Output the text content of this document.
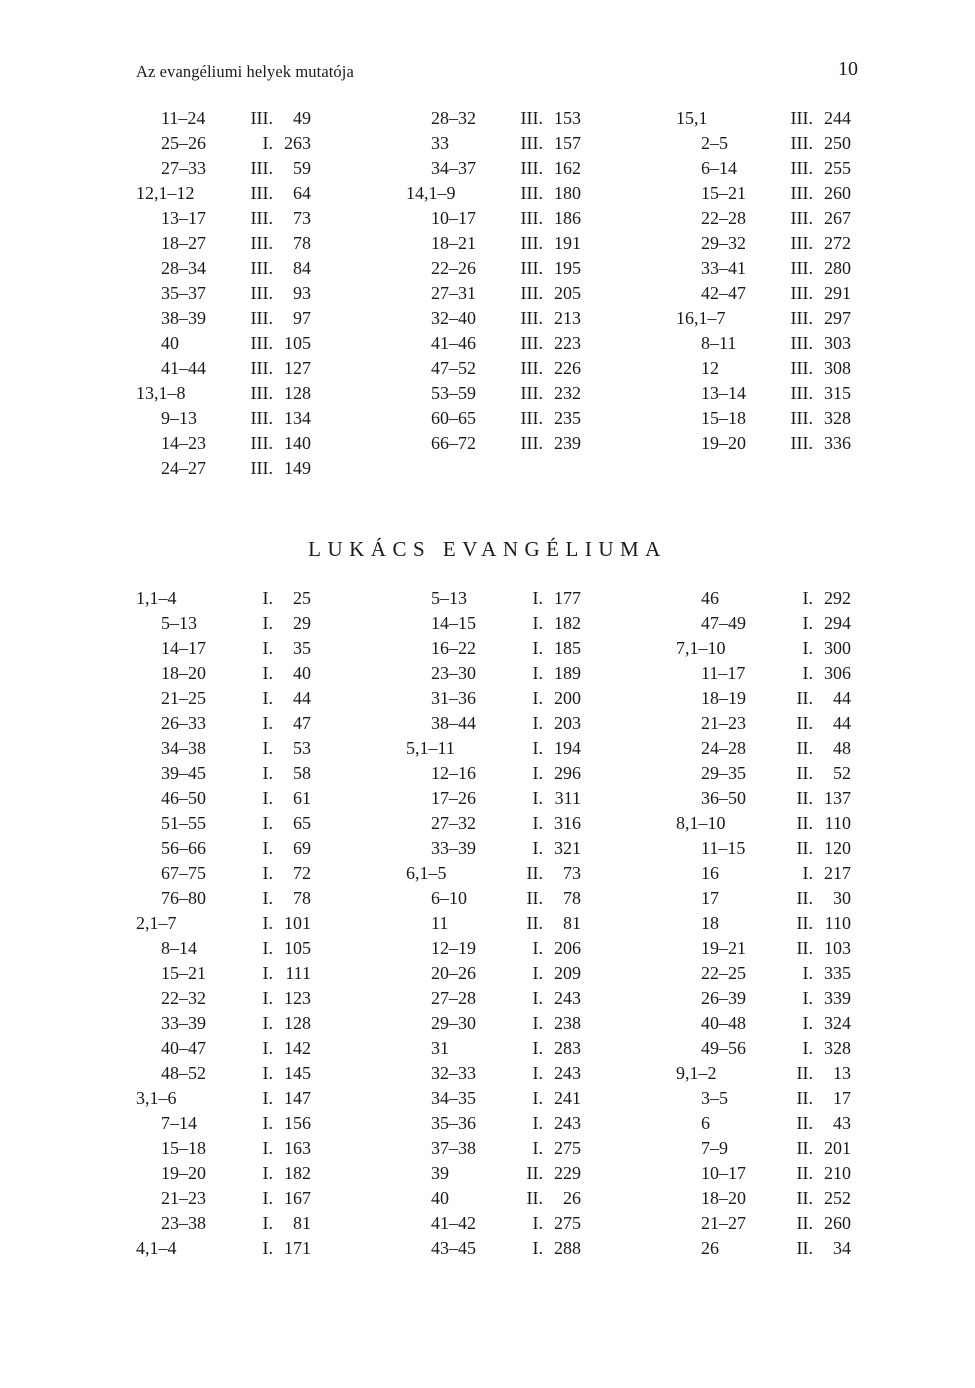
Az evangéliumi helyek mutatója	10
11–24	III. 49
25–26	I. 263
27–33 III. 59
12,1–12	III. 64
13–17 III. 73
18–27 III. 78
28–34 III. 84
35–37 III. 93
38–39 III. 97
40	III. 105
41–44 III. 127
13,1–8	III. 128
9–13	III. 134
14–23 III. 140
24–27 III. 149
28–32 III. 153
33	III. 157
34–37 III. 162
14,1–9	III. 180
10–17 III. 186
18–21 III. 191
22–26 III. 195
27–31 III. 205
32–40 III. 213
41–46 III. 223
47–52 III. 226
53–59 III. 232
60–65 III. 235
66–72 III. 239
15,1	III. 244
2–5	III. 250
6–14	III. 255
15–21 III. 260
22–28 III. 267
29–32 III. 272
33–41 III. 280
42–47 III. 291
16,1–7	III. 297
8–11	III. 303
12	III. 308
13–14 III. 315
15–18 III. 328
19–20 III. 336
LUKÁCS EVANGÉLIUMA
1,1–4	I. 25
5–13	I. 29
14–17	I. 35
18–20	I. 40
21–25	I. 44
26–33	I. 47
34–38	I. 53
39–45	I. 58
46–50	I. 61
51–55	I. 65
56–66	I. 69
67–75	I. 72
76–80	I. 78
2,1–7	I. 101
8–14	I. 105
15–21	I. 111
22–32	I. 123
33–39	I. 128
40–47	I. 142
48–52	I. 145
3,1–6	I. 147
7–14	I. 156
15–18	I. 163
19–20	I. 182
21–23	I. 167
23–38	I. 81
4,1–4	I. 171
5–13	I. 177
14–15	I. 182
16–22	I. 185
23–30	I. 189
31–36	I. 200
38–44	I. 203
5,1–11	I. 194
12–16	I. 296
17–26	I. 311
27–32	I. 316
33–39	I. 321
6,1–5	II. 73
6–10	II. 78
11	II. 81
12–19	I. 206
20–26	I. 209
27–28	I. 243
29–30	I. 238
31	I. 283
32–33	I. 243
34–35	I. 241
35–36	I. 243
37–38	I. 275
39	II. 229
40	II. 26
41–42	I. 275
43–45	I. 288
46	I. 292
47–49	I. 294
7,1–10	I. 300
11–17	I. 306
18–19	II. 44
21–23	II. 44
24–28	II. 48
29–35	II. 52
36–50	II. 137
8,1–10	II. 110
11–15	II. 120
16	I. 217
17	II. 30
18	II. 110
19–21	II. 103
22–25	I. 335
26–39	I. 339
40–48	I. 324
49–56	I. 328
9,1–2	II. 13
3–5	II. 17
6	II. 43
7–9	II. 201
10–17	II. 210
18–20	II. 252
21–27	II. 260
26	II. 34
